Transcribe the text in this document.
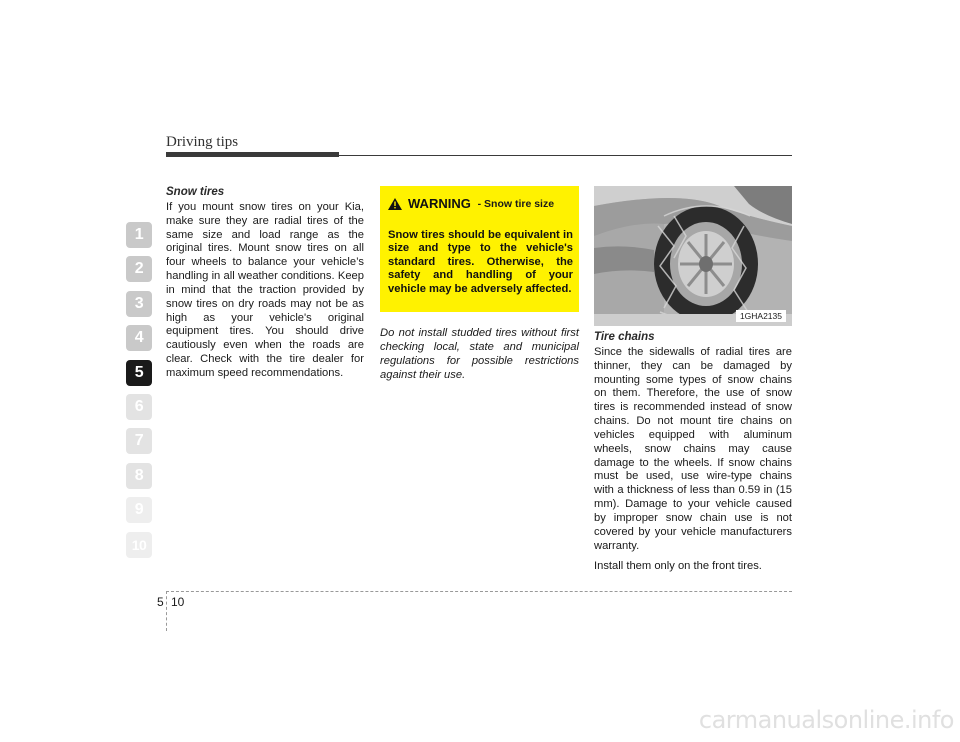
Driving tips
1
2
3
4
5
6
7
8
9
10
Snow tires

If you mount snow tires on your Kia, make sure they are radial tires of the same size and load range as the original tires. Mount snow tires on all four wheels to balance your vehicle’s handling in all weather conditions. Keep in mind that the traction provided by snow tires on dry roads may not be as high as your vehicle's original equipment tires. You should drive cautiously even when the roads are clear. Check with the tire dealer for maximum speed recommendations.

WARNING - Snow tire size
Snow tires should be equivalent in size and type to the vehicle's standard tires. Otherwise, the safety and handling of your vehicle may be adversely affected.
Do not install studded tires without first checking local, state and municipal regulations for possible restrictions against their use.
1GHA2135
Tire chains

Since the sidewalls of radial tires are thinner, they can be damaged by mounting some types of snow chains on them. Therefore, the use of snow tires is recommended instead of snow chains. Do not mount tire chains on vehicles equipped with aluminum wheels, snow chains may cause damage to the wheels. If snow chains must be used, use wire-type chains with a thickness of less than 0.59 in (15 mm). Damage to your vehicle caused by improper snow chain use is not covered by your vehicle manufacturers warranty.

Install them only on the front tires.

5 10
carmanualsonline.info
